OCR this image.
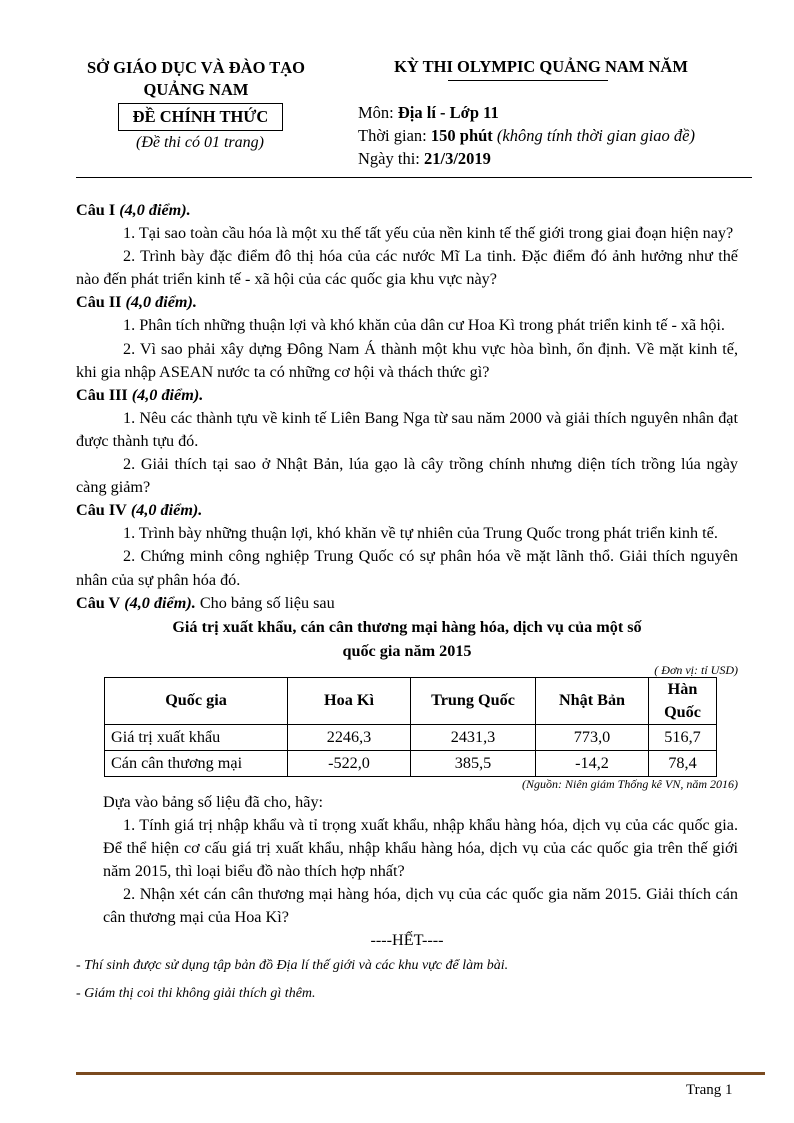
SỞ GIÁO DỤC VÀ ĐÀO TẠO
QUẢNG NAM
ĐỀ CHÍNH THỨC
(Đề thi có 01 trang)
KỲ THI OLYMPIC QUẢNG NAM NĂM
Môn: Địa lí - Lớp 11
Thời gian: 150 phút (không tính thời gian giao đề)
Ngày thi: 21/3/2019

Câu I (4,0 điểm).

1. Tại sao toàn cầu hóa là một xu thế tất yếu của nền kinh tế thế giới trong giai đoạn hiện nay?

2. Trình bày đặc điểm đô thị hóa của các nước Mĩ La tinh. Đặc điểm đó ảnh hưởng như thế nào đến phát triển kinh tế - xã hội của các quốc gia khu vực này?

Câu II (4,0 điểm).

1. Phân tích những thuận lợi và khó khăn của dân cư Hoa Kì trong phát triển kinh tế - xã hội.

2. Vì sao phải xây dựng Đông Nam Á thành một khu vực hòa bình, ổn định. Về mặt kinh tế, khi gia nhập ASEAN nước ta có những cơ hội và thách thức gì?

Câu III (4,0 điểm).

1. Nêu các thành tựu về kinh tế Liên Bang Nga từ sau năm 2000 và giải thích nguyên nhân đạt được thành tựu đó.

2. Giải thích tại sao ở Nhật Bản, lúa gạo là cây trồng chính nhưng diện tích trồng lúa ngày càng giảm?

Câu IV (4,0 điểm).

1. Trình bày những thuận lợi, khó khăn về tự nhiên của Trung Quốc trong phát triển kinh tế.

2. Chứng minh công nghiệp Trung Quốc có sự phân hóa về mặt lãnh thổ. Giải thích nguyên nhân của sự phân hóa đó.

Câu V (4,0 điểm). Cho bảng số liệu sau

Giá trị xuất khẩu, cán cân thương mại hàng hóa, dịch vụ của một số

quốc gia năm 2015

( Đơn vị: tỉ USD)

Quốc gia	Hoa Kì	Trung Quốc	Nhật Bản	Hàn Quốc
Giá trị xuất khẩu	2246,3	2431,3	773,0	516,7
Cán cân thương mại	-522,0	385,5	-14,2	78,4

(Nguồn: Niên giám Thống kê VN, năm 2016)

Dựa vào bảng số liệu đã cho, hãy:

1. Tính giá trị nhập khẩu và tỉ trọng xuất khẩu, nhập khẩu hàng hóa, dịch vụ của các quốc gia. Để thể hiện cơ cấu giá trị xuất khẩu, nhập khẩu hàng hóa, dịch vụ của các quốc gia trên thế giới năm 2015, thì loại biểu đồ nào thích hợp nhất?

2. Nhận xét cán cân thương mại hàng hóa, dịch vụ của các quốc gia năm 2015. Giải thích cán cân thương mại của Hoa Kì?

----HẾT----

- Thí sinh được sử dụng tập bản đồ Địa lí thế giới và các khu vực để làm bài.

- Giám thị coi thi không giải thích gì thêm.

Trang 1
